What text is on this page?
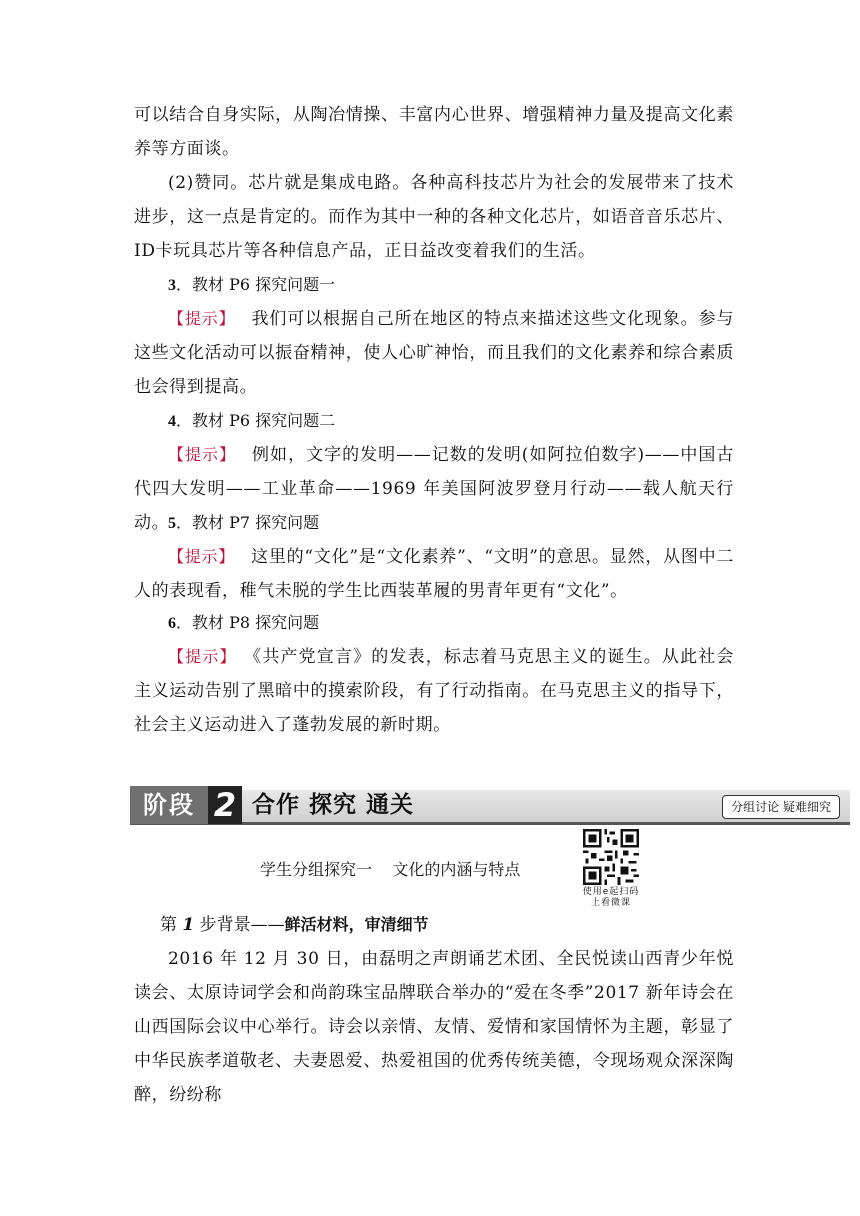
可以结合自身实际，从陶冶情操、丰富内心世界、增强精神力量及提高文化素养等方面谈。

(2)赞同。芯片就是集成电路。各种高科技芯片为社会的发展带来了技术进步，这一点是肯定的。而作为其中一种的各种文化芯片，如语音音乐芯片、ID卡玩具芯片等各种信息产品，正日益改变着我们的生活。

3．教材 P6 探究问题一

【提示】 我们可以根据自己所在地区的特点来描述这些文化现象。参与这些文化活动可以振奋精神，使人心旷神怡，而且我们的文化素养和综合素质也会得到提高。

4．教材 P6 探究问题二

【提示】 例如，文字的发明——记数的发明(如阿拉伯数字)——中国古代四大发明——工业革命——1969 年美国阿波罗登月行动——载人航天行动。

5．教材 P7 探究问题

【提示】 这里的“文化”是“文化素养”、“文明”的意思。显然，从图中二人的表现看，稚气未脱的学生比西装革履的男青年更有“文化”。

6．教材 P8 探究问题

【提示】 《共产党宣言》的发表，标志着马克思主义的诞生。从此社会主义运动告别了黑暗中的摸索阶段，有了行动指南。在马克思主义的指导下，社会主义运动进入了蓬勃发展的新时期。

阶段 2 合作 探究 通关	分组讨论 疑难细究
学生分组探究一    文化的内涵与特点
使用e起扫码上看微课
第 1 步背景——鲜活材料，审清细节

2016 年 12 月 30 日，由磊明之声朗诵艺术团、全民悦读山西青少年悦读会、太原诗词学会和尚韵珠宝品牌联合举办的“爱在冬季”2017 新年诗会在山西国际会议中心举行。诗会以亲情、友情、爱情和家国情怀为主题，彰显了中华民族孝道敬老、夫妻恩爱、热爱祖国的优秀传统美德，令现场观众深深陶醉，纷纷称
